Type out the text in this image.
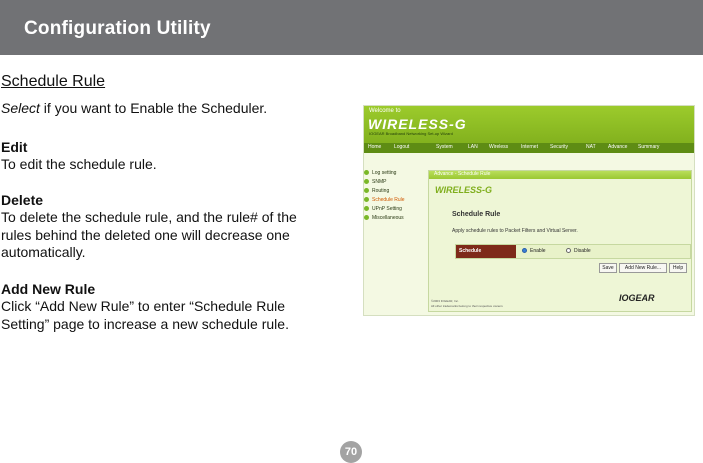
Configuration Utility
Schedule Rule
Select if you want to Enable the Scheduler.
Edit
To edit the schedule rule.
Delete
To delete the schedule rule, and the rule# of the rules behind the deleted one will decrease one automatically.
Add New Rule
Click “Add New Rule” to enter “Schedule Rule Setting” page to increase a new schedule rule.
Welcome to
WIRELESS-G
IOGEAR Broadband Networking Set-up Wizard
Home	Logout	System	LAN Wireless	Internet Security	NAT Advance Summary
Log setting
SNMP
Routing
Schedule Rule
UPnP Setting
Miscellaneous
Advance - Schedule Rule
WIRELESS-G
Schedule Rule
Apply schedule rules to Packet Filters and Virtual Server.
Schedule	Enable	Disable
Save	Add New Rule...	Help
©2003 IOGEAR, Inc.
All other trademarks belong to their respective owners
IOGEAR
70
